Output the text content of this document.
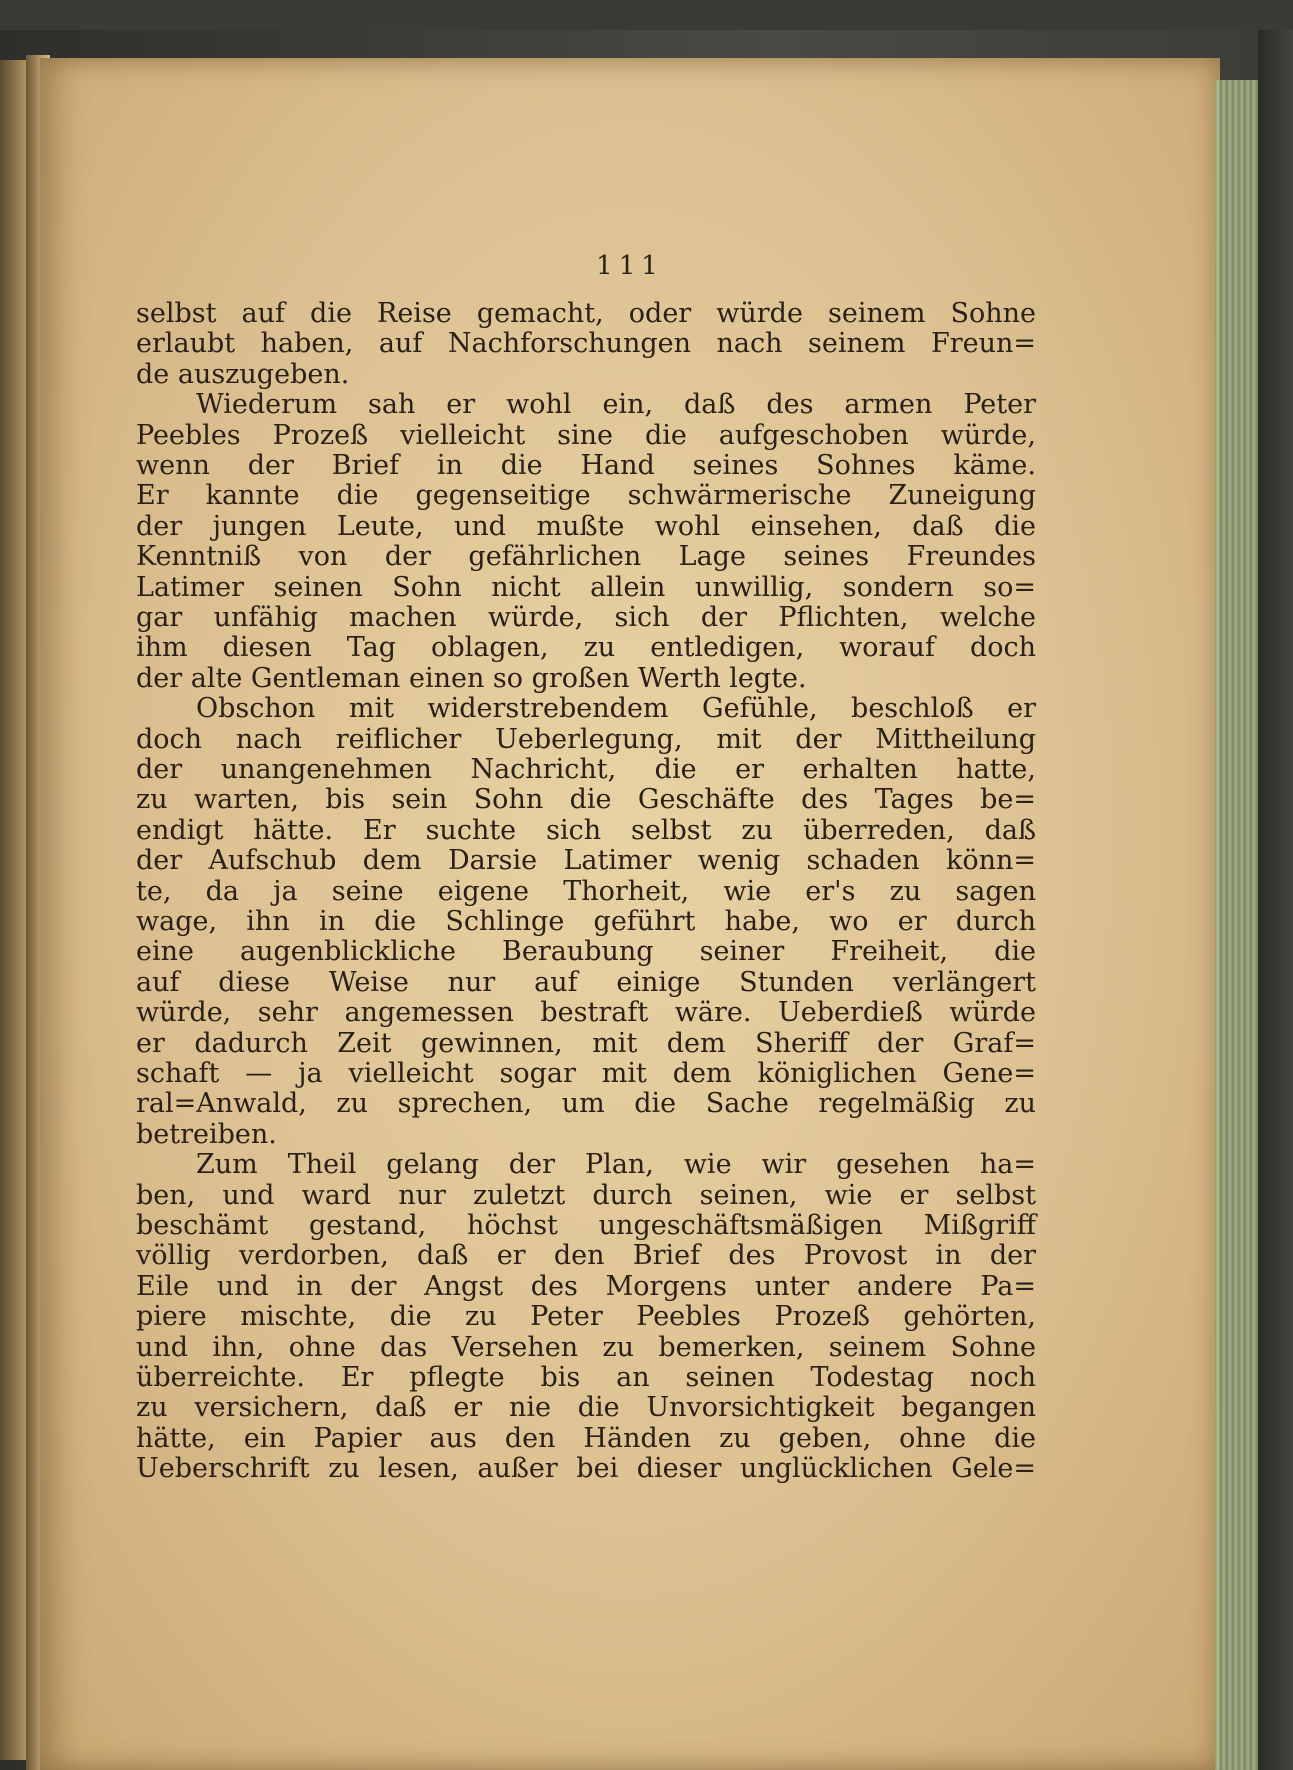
111
selbst auf die Reise gemacht, oder würde seinem Sohne
erlaubt haben, auf Nachforschungen nach seinem Freun=
de auszugeben.
Wiederum sah er wohl ein, daß des armen Peter
Peebles Prozeß vielleicht sine die aufgeschoben würde,
wenn der Brief in die Hand seines Sohnes käme.
Er kannte die gegenseitige schwärmerische Zuneigung
der jungen Leute, und mußte wohl einsehen, daß die
Kenntniß von der gefährlichen Lage seines Freundes
Latimer seinen Sohn nicht allein unwillig, sondern so=
gar unfähig machen würde, sich der Pflichten, welche
ihm diesen Tag oblagen, zu entledigen, worauf doch
der alte Gentleman einen so großen Werth legte.
Obschon mit widerstrebendem Gefühle, beschloß er
doch nach reiflicher Ueberlegung, mit der Mittheilung
der unangenehmen Nachricht, die er erhalten hatte,
zu warten, bis sein Sohn die Geschäfte des Tages be=
endigt hätte. Er suchte sich selbst zu überreden, daß
der Aufschub dem Darsie Latimer wenig schaden könn=
te, da ja seine eigene Thorheit, wie er's zu sagen
wage, ihn in die Schlinge geführt habe, wo er durch
eine augenblickliche Beraubung seiner Freiheit, die
auf diese Weise nur auf einige Stunden verlängert
würde, sehr angemessen bestraft wäre. Ueberdieß würde
er dadurch Zeit gewinnen, mit dem Sheriff der Graf=
schaft — ja vielleicht sogar mit dem königlichen Gene=
ral=Anwald, zu sprechen, um die Sache regelmäßig zu
betreiben.
Zum Theil gelang der Plan, wie wir gesehen ha=
ben, und ward nur zuletzt durch seinen, wie er selbst
beschämt gestand, höchst ungeschäftsmäßigen Mißgriff
völlig verdorben, daß er den Brief des Provost in der
Eile und in der Angst des Morgens unter andere Pa=
piere mischte, die zu Peter Peebles Prozeß gehörten,
und ihn, ohne das Versehen zu bemerken, seinem Sohne
überreichte. Er pflegte bis an seinen Todestag noch
zu versichern, daß er nie die Unvorsichtigkeit begangen
hätte, ein Papier aus den Händen zu geben, ohne die
Ueberschrift zu lesen, außer bei dieser unglücklichen Gele=
